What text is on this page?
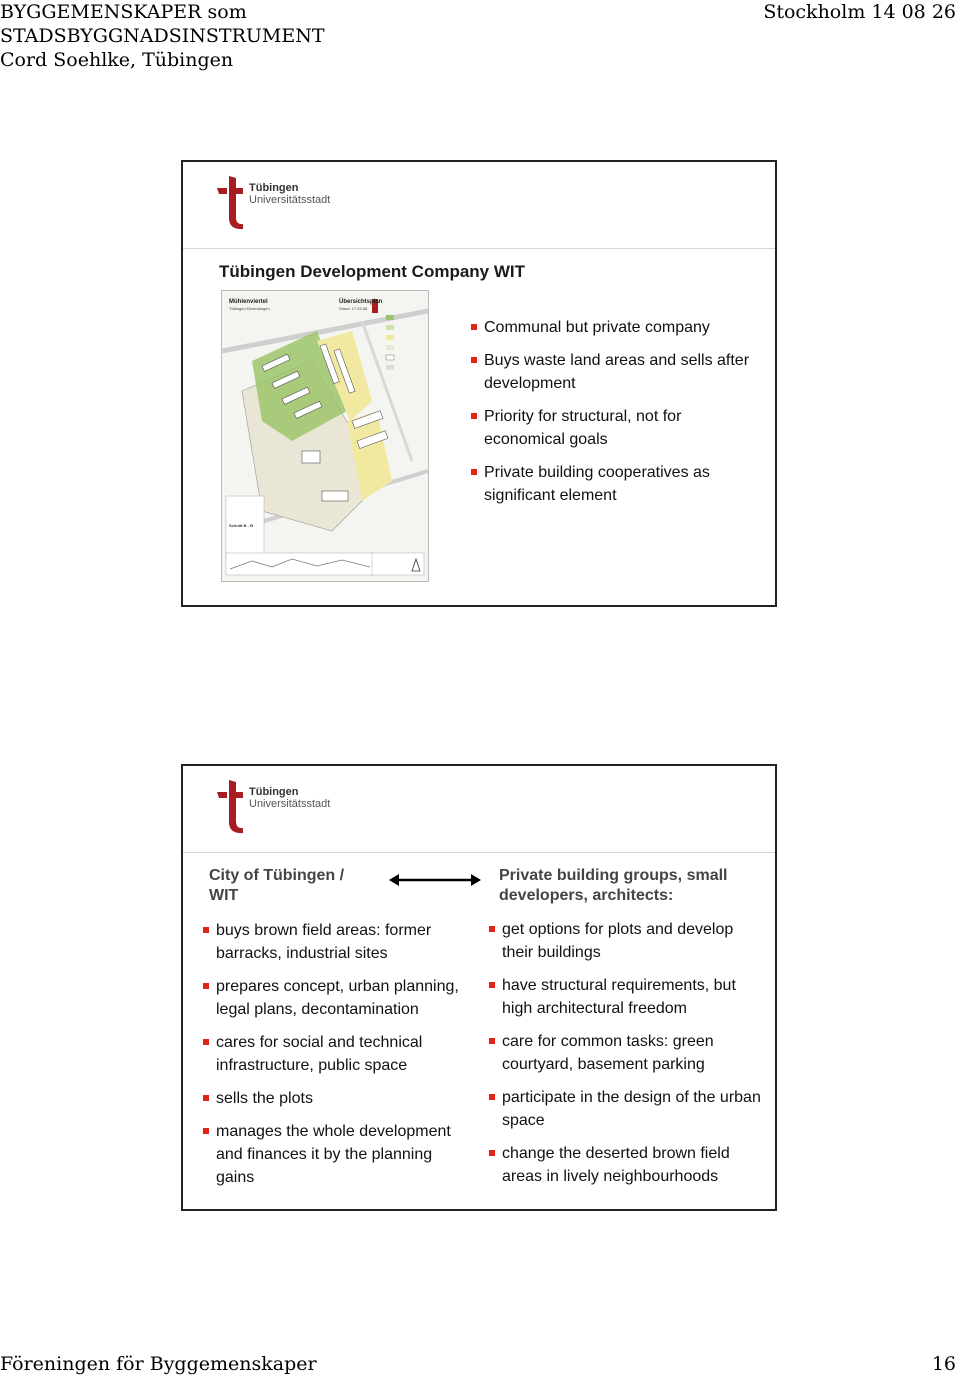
BYGGEMENSKAPER som
STADSBYGGNADSINSTRUMENT
Cord Soehlke, Tübingen
Stockholm 14 08 26
Tübingen
Universitätsstadt
Tübingen Development Company WIT
Mühlenviertel
Tübingen Derendingen
Übersichtsplan
Stand: 17.03.08
Schnitt B - B
Communal but private company
Buys waste land areas and sells after development
Priority for structural, not for economical goals
Private building cooperatives as significant element
Tübingen
Universitätsstadt
City of Tübingen / WIT
Private building groups, small developers, architects:
buys brown field areas: former barracks, industrial sites
prepares concept, urban planning, legal plans, decontamination
cares for social and technical infrastructure, public space
sells the plots
manages the whole development and finances it by the planning gains
get options for plots and develop their buildings
have structural requirements, but high architectural freedom
care for common tasks: green courtyard, basement parking
participate in the design of the urban space
change the deserted brown field areas in lively neighbourhoods
Föreningen för Byggemenskaper	16
